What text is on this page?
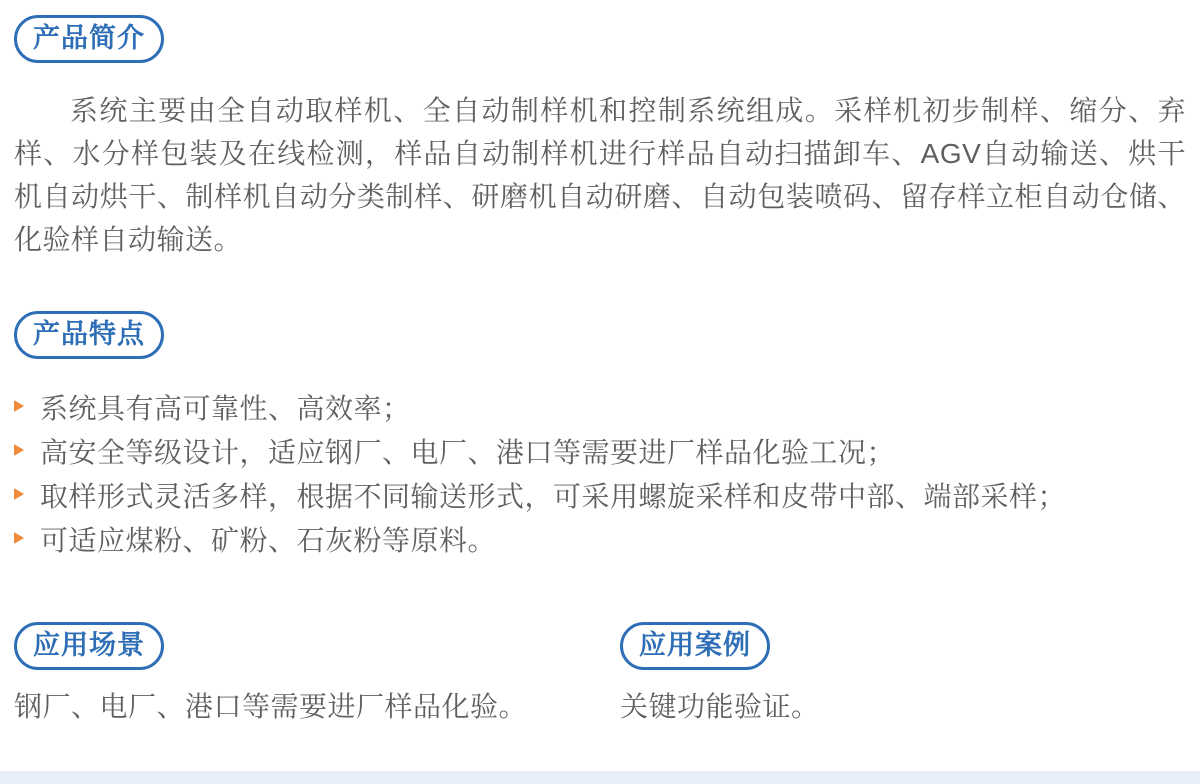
产品简介

系统主要由全自动取样机、全自动制样机和控制系统组成。采样机初步制样、缩分、弃样、水分样包装及在线检测，样品自动制样机进行样品自动扫描卸车、AGV自动输送、烘干机自动烘干、制样机自动分类制样、研磨机自动研磨、自动包装喷码、留存样立柜自动仓储、化验样自动输送。

产品特点
系统具有高可靠性、高效率；
高安全等级设计，适应钢厂、电厂、港口等需要进厂样品化验工况；
取样形式灵活多样，根据不同输送形式，可采用螺旋采样和皮带中部、端部采样；
可适应煤粉、矿粉、石灰粉等原料。
应用场景

钢厂、电厂、港口等需要进厂样品化验。

应用案例

关键功能验证。
